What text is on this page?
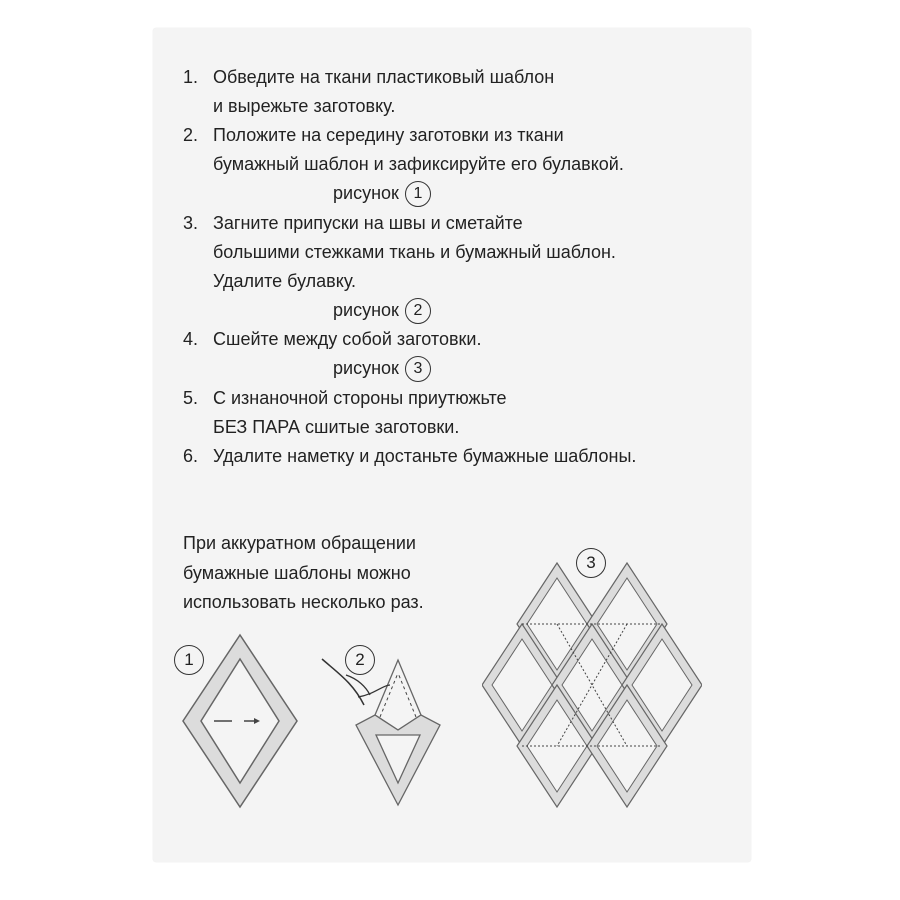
1. Обведите на ткани пластиковый шаблон
и вырежьте заготовку.
2. Положите на середину заготовки из ткани
бумажный шаблон и зафиксируйте его булавкой.
рисунок 1
3. Загните припуски на швы и сметайте
большими стежками ткань и бумажный шаблон.
Удалите булавку.
рисунок 2
4. Сшейте между собой заготовки.
рисунок 3
5. С изнаночной стороны приутюжьте
БЕЗ ПАРА сшитые заготовки.
6. Удалите наметку и достаньте бумажные шаблоны.
При аккуратном обращении
бумажные шаблоны можно
использовать несколько раз.
1	2
3
